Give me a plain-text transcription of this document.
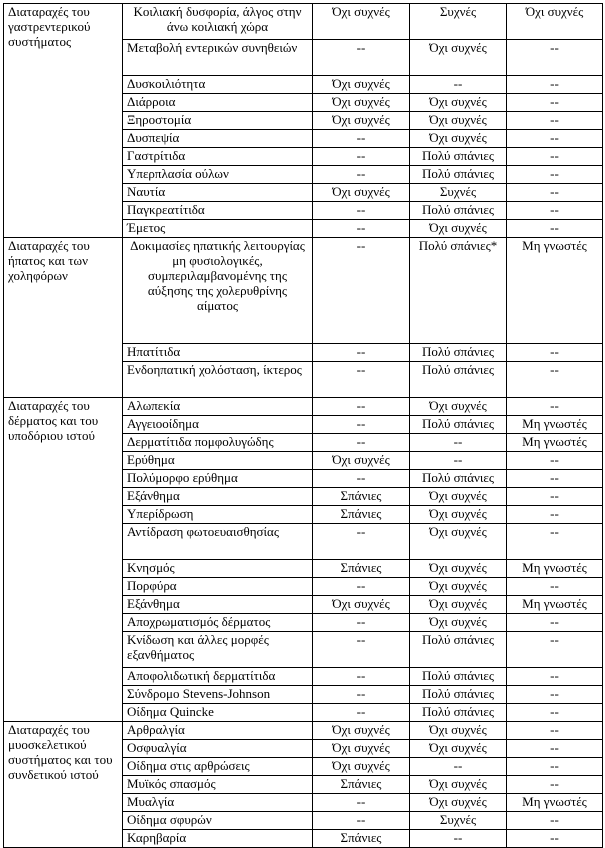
Διαταραχές του γαστρεντερικού συστήματος	Κοιλιακή δυσφορία, άλγος στην άνω κοιλιακή χώρα	Όχι συχνές	Συχνές	Όχι συχνές
	Μεταβολή εντερικών συνηθειών	--	Όχι συχνές	--
	Δυσκοιλιότητα	Όχι συχνές	--	--
	Διάρροια	Όχι συχνές	Όχι συχνές	--
	Ξηροστομία	Όχι συχνές	Όχι συχνές	--
	Δυσπεψία	--	Όχι συχνές	--
	Γαστρίτιδα	--	Πολύ σπάνιες	--
	Υπερπλασία ούλων	--	Πολύ σπάνιες	--
	Ναυτία	Όχι συχνές	Συχνές	--
	Παγκρεατίτιδα	--	Πολύ σπάνιες	--
	Έμετος	--	Όχι συχνές	--
Διαταραχές του ήπατος και των χοληφόρων	Δοκιμασίες ηπατικής λειτουργίας μη φυσιολογικές, συμπεριλαμβανομένης της αύξησης της χολερυθρίνης αίματος	--	Πολύ σπάνιες*	Μη γνωστές
	Ηπατίτιδα	--	Πολύ σπάνιες	--
	Ενδοηπατική χολόσταση, ίκτερος	--	Πολύ σπάνιες	--
Διαταραχές του δέρματος και του υποδόριου ιστού	Αλωπεκία	--	Όχι συχνές	--
	Αγγειοοίδημα	--	Πολύ σπάνιες	Μη γνωστές
	Δερματίτιδα πομφολυγώδης	--	--	Μη γνωστές
	Ερύθημα	Όχι συχνές	--	--
	Πολύμορφο ερύθημα	--	Πολύ σπάνιες	--
	Εξάνθημα	Σπάνιες	Όχι συχνές	--
	Υπερίδρωση	Σπάνιες	Όχι συχνές	--
	Αντίδραση φωτοευαισθησίας	--	Όχι συχνές	--
	Κνησμός	Σπάνιες	Όχι συχνές	Μη γνωστές
	Πορφύρα	--	Όχι συχνές	--
	Εξάνθημα	Όχι συχνές	Όχι συχνές	Μη γνωστές
	Αποχρωματισμός δέρματος	--	Όχι συχνές	--
	Κνίδωση και άλλες μορφές εξανθήματος	--	Πολύ σπάνιες	--
	Αποφολιδωτική δερματίτιδα	--	Πολύ σπάνιες	--
	Σύνδρομο Stevens-Johnson	--	Πολύ σπάνιες	--
	Οίδημα Quincke	--	Πολύ σπάνιες	--
Διαταραχές του μυοσκελετικού συστήματος και του συνδετικού ιστού	Αρθραλγία	Όχι συχνές	Όχι συχνές	--
	Οσφυαλγία	Όχι συχνές	Όχι συχνές	--
	Οίδημα στις αρθρώσεις	Όχι συχνές	--	--
	Μυϊκός σπασμός	Σπάνιες	Όχι συχνές	--
	Μυαλγία	--	Όχι συχνές	Μη γνωστές
	Οίδημα σφυρών	--	Συχνές	--
	Καρηβαρία	Σπάνιες	--	--
